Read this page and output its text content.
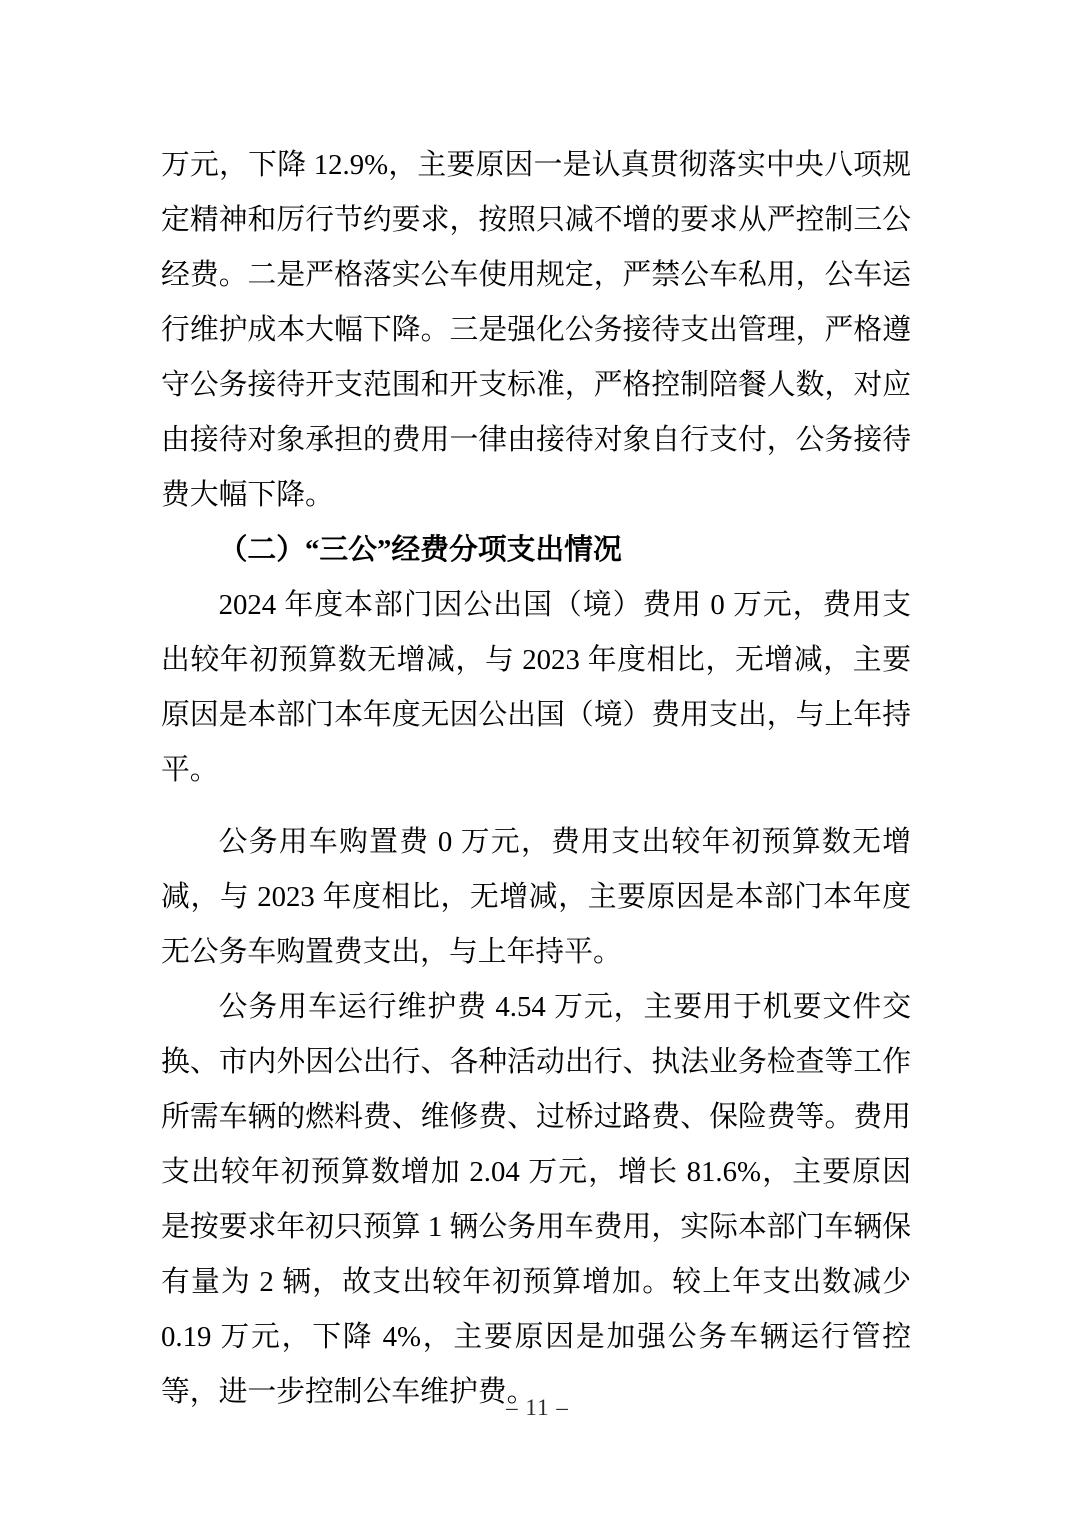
万元，下降 12.9%，主要原因一是认真贯彻落实中央八项规定精神和厉行节约要求，按照只减不增的要求从严控制三公经费。二是严格落实公车使用规定，严禁公车私用，公车运行维护成本大幅下降。三是强化公务接待支出管理，严格遵守公务接待开支范围和开支标准，严格控制陪餐人数，对应由接待对象承担的费用一律由接待对象自行支付，公务接待费大幅下降。

（二）“三公”经费分项支出情况

2024 年度本部门因公出国（境）费用 0 万元，费用支出较年初预算数无增减，与 2023 年度相比，无增减，主要原因是本部门本年度无因公出国（境）费用支出，与上年持平。

公务用车购置费 0 万元，费用支出较年初预算数无增减，与 2023 年度相比，无增减，主要原因是本部门本年度无公务车购置费支出，与上年持平。

公务用车运行维护费 4.54 万元，主要用于机要文件交换、市内外因公出行、各种活动出行、执法业务检查等工作所需车辆的燃料费、维修费、过桥过路费、保险费等。费用支出较年初预算数增加 2.04 万元，增长 81.6%，主要原因是按要求年初只预算 1 辆公务用车费用，实际本部门车辆保有量为 2 辆，故支出较年初预算增加。较上年支出数减少 0.19 万元，下降 4%，主要原因是加强公务车辆运行管控等，进一步控制公车维护费。

– 11 –
